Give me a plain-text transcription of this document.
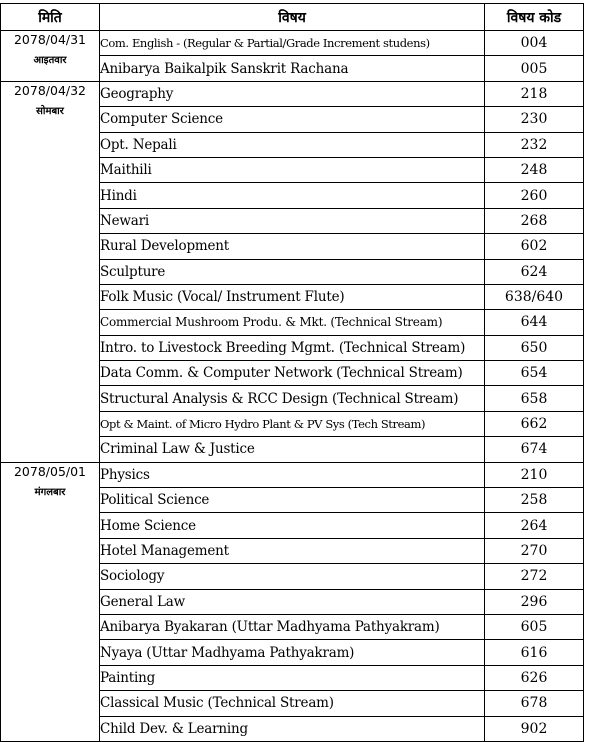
मिति	विषय	विषय कोड
2078/04/31
आइतवार	Com. English - (Regular & Partial/Grade Increment studens)	004
	Anibarya Baikalpik Sanskrit Rachana	005
2078/04/32
सोमबार	Geography	218
	Computer Science	230
	Opt. Nepali	232
	Maithili	248
	Hindi	260
	Newari	268
	Rural Development	602
	Sculpture	624
	Folk Music (Vocal/ Instrument Flute)	638/640
	Commercial Mushroom Produ. & Mkt. (Technical Stream)	644
	Intro. to Livestock Breeding Mgmt. (Technical Stream)	650
	Data Comm. & Computer Network (Technical Stream)	654
	Structural Analysis & RCC Design (Technical Stream)	658
	Opt & Maint. of Micro Hydro Plant & PV Sys (Tech Stream)	662
	Criminal Law & Justice	674
2078/05/01
मंगलबार	Physics	210
	Political Science	258
	Home Science	264
	Hotel Management	270
	Sociology	272
	General Law	296
	Anibarya Byakaran (Uttar Madhyama Pathyakram)	605
	Nyaya (Uttar Madhyama Pathyakram)	616
	Painting	626
	Classical Music (Technical Stream)	678
	Child Dev. & Learning	902
